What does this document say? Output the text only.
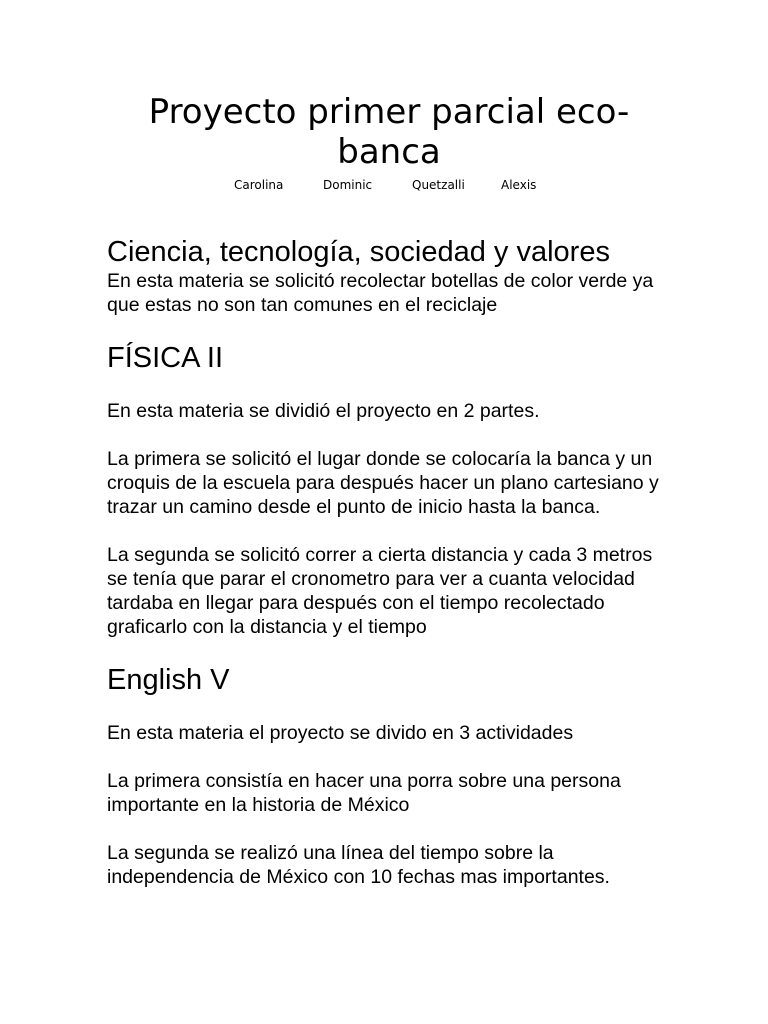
Proyecto primer parcial eco-banca
Carolina	Dominic	Quetzalli	Alexis
Ciencia, tecnología, sociedad y valores

En esta materia se solicitó recolectar botellas de color verde ya que estas no son tan comunes en el reciclaje

FÍSICA II

En esta materia se dividió el proyecto en 2 partes.

La primera se solicitó el lugar donde se colocaría la banca y un croquis de la escuela para después hacer un plano cartesiano y trazar un camino desde el punto de inicio hasta la banca.

La segunda se solicitó correr a cierta distancia y cada 3 metros se tenía que parar el cronometro para ver a cuanta velocidad tardaba en llegar para después con el tiempo recolectado graficarlo con la distancia y el tiempo

English V

En esta materia el proyecto se divido en 3 actividades

La primera consistía en hacer una porra sobre una persona importante en la historia de México

La segunda se realizó una línea del tiempo sobre la independencia de México con 10 fechas mas importantes.
